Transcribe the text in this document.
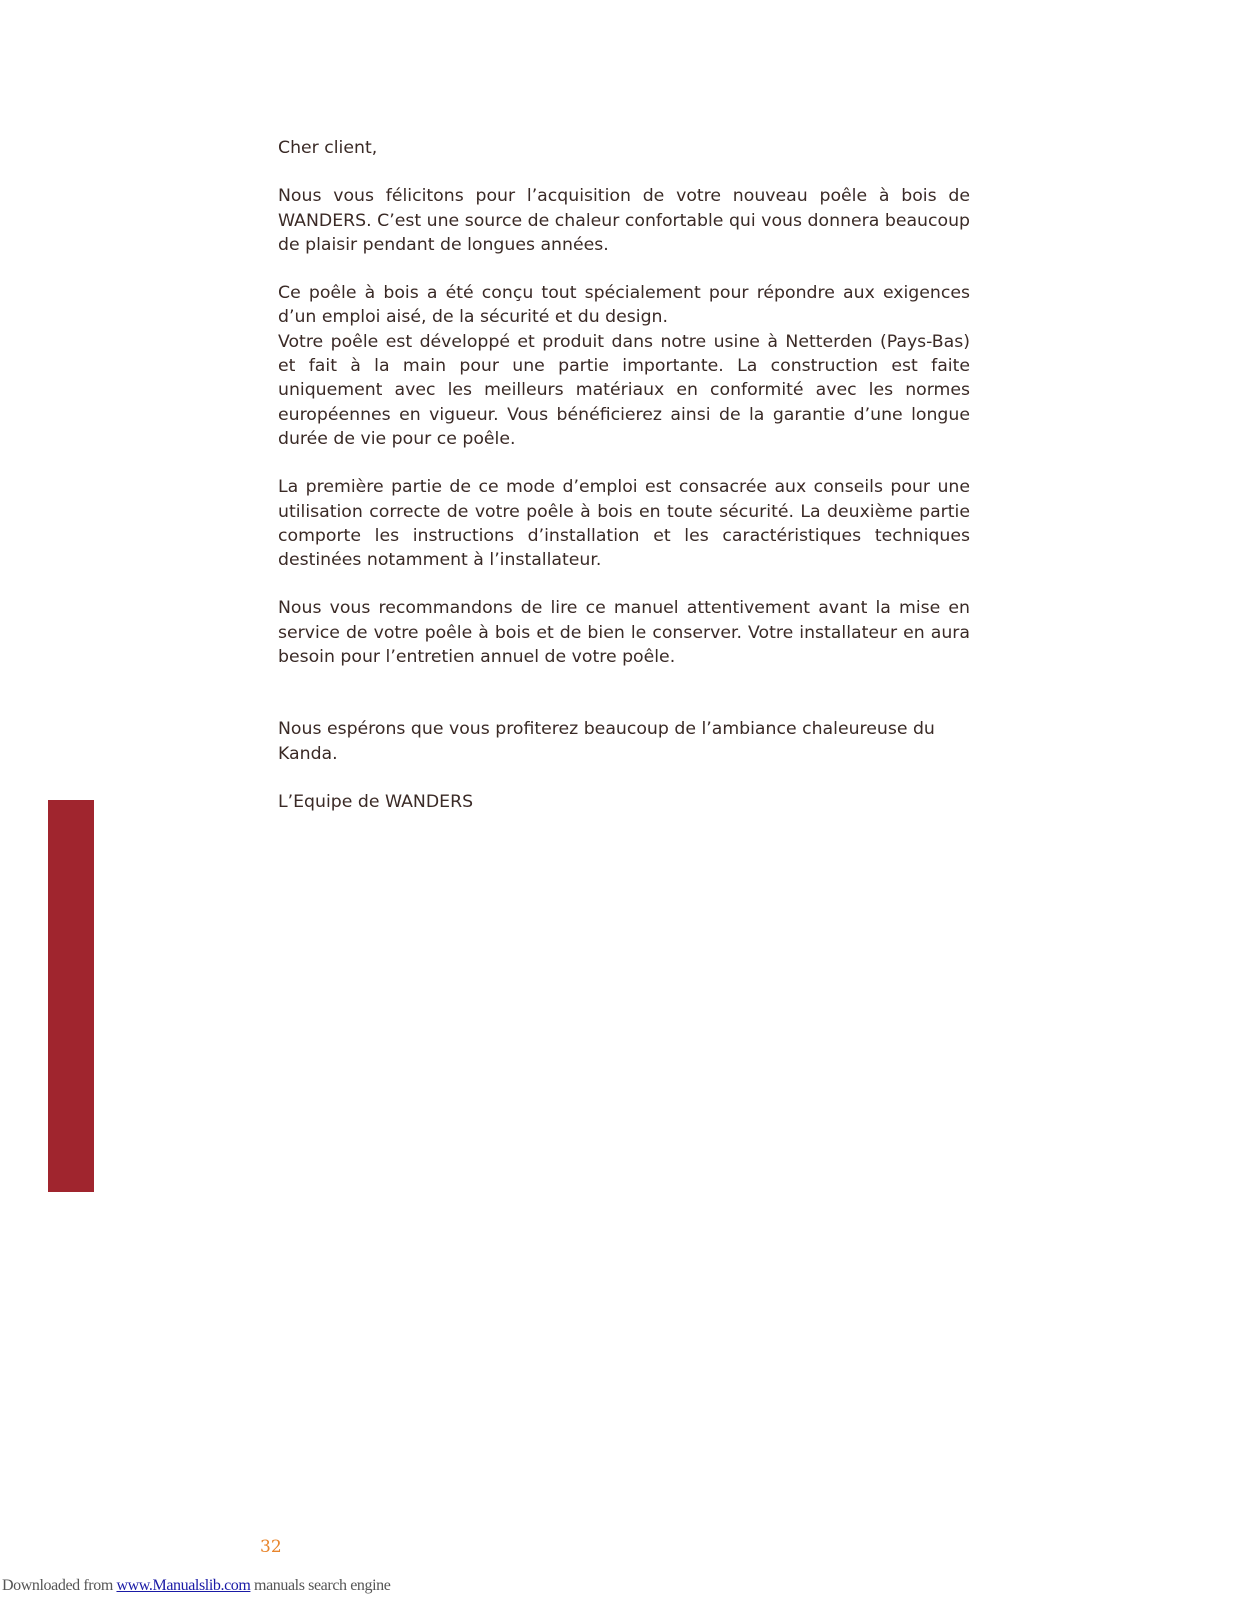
Cher client,

Nous vous félicitons pour l’acquisition de votre nouveau poêle à bois de WANDERS. C’est une source de chaleur confortable qui vous donnera beaucoup de plaisir pendant de longues années.

Ce poêle à bois a été conçu tout spécialement pour répondre aux exigences d’un emploi aisé, de la sécurité et du design.

Votre poêle est développé et produit dans notre usine à Netterden (Pays-Bas) et fait à la main pour une partie importante. La construction est faite uniquement avec les meilleurs matériaux en conformité avec les normes européennes en vigueur. Vous bénéficierez ainsi de la garantie d’une longue durée de vie pour ce poêle.

La première partie de ce mode d’emploi est consacrée aux conseils pour une utilisation correcte de votre poêle à bois en toute sécurité. La deuxième partie comporte les instructions d’installation et les caractéristiques techniques destinées notamment à l’installateur.

Nous vous recommandons de lire ce manuel attentivement avant la mise en service de votre poêle à bois et de bien le conserver. Votre installateur en aura besoin pour l’entretien annuel de votre poêle.

Nous espérons que vous profiterez beaucoup de l’ambiance chaleureuse du Kanda.

L’Equipe de WANDERS

32
Downloaded from www.Manualslib.com manuals search engine
